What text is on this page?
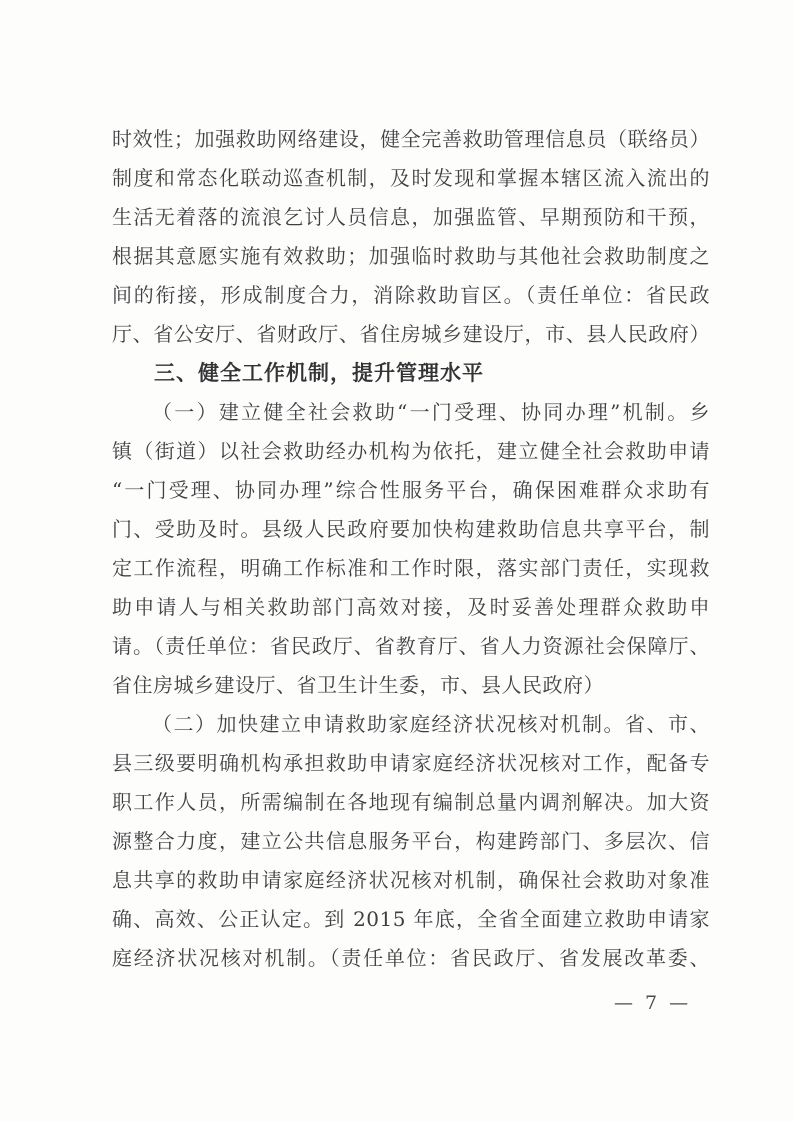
时效性；加强救助网络建设，健全完善救助管理信息员（联络员）

制度和常态化联动巡查机制，及时发现和掌握本辖区流入流出的

生活无着落的流浪乞讨人员信息，加强监管、早期预防和干预，

根据其意愿实施有效救助；加强临时救助与其他社会救助制度之

间的衔接，形成制度合力，消除救助盲区。（责任单位：省民政

厅、省公安厅、省财政厅、省住房城乡建设厅，市、县人民政府）

三、健全工作机制，提升管理水平

（一）建立健全社会救助“一门受理、协同办理”机制。乡

镇（街道）以社会救助经办机构为依托，建立健全社会救助申请

“一门受理、协同办理”综合性服务平台，确保困难群众求助有

门、受助及时。县级人民政府要加快构建救助信息共享平台，制

定工作流程，明确工作标准和工作时限，落实部门责任，实现救

助申请人与相关救助部门高效对接，及时妥善处理群众救助申

请。（责任单位：省民政厅、省教育厅、省人力资源社会保障厅、

省住房城乡建设厅、省卫生计生委，市、县人民政府）

（二）加快建立申请救助家庭经济状况核对机制。省、市、

县三级要明确机构承担救助申请家庭经济状况核对工作，配备专

职工作人员，所需编制在各地现有编制总量内调剂解决。加大资

源整合力度，建立公共信息服务平台，构建跨部门、多层次、信

息共享的救助申请家庭经济状况核对机制，确保社会救助对象准

确、高效、公正认定。到 2015 年底，全省全面建立救助申请家

庭经济状况核对机制。（责任单位：省民政厅、省发展改革委、

— 7 —
